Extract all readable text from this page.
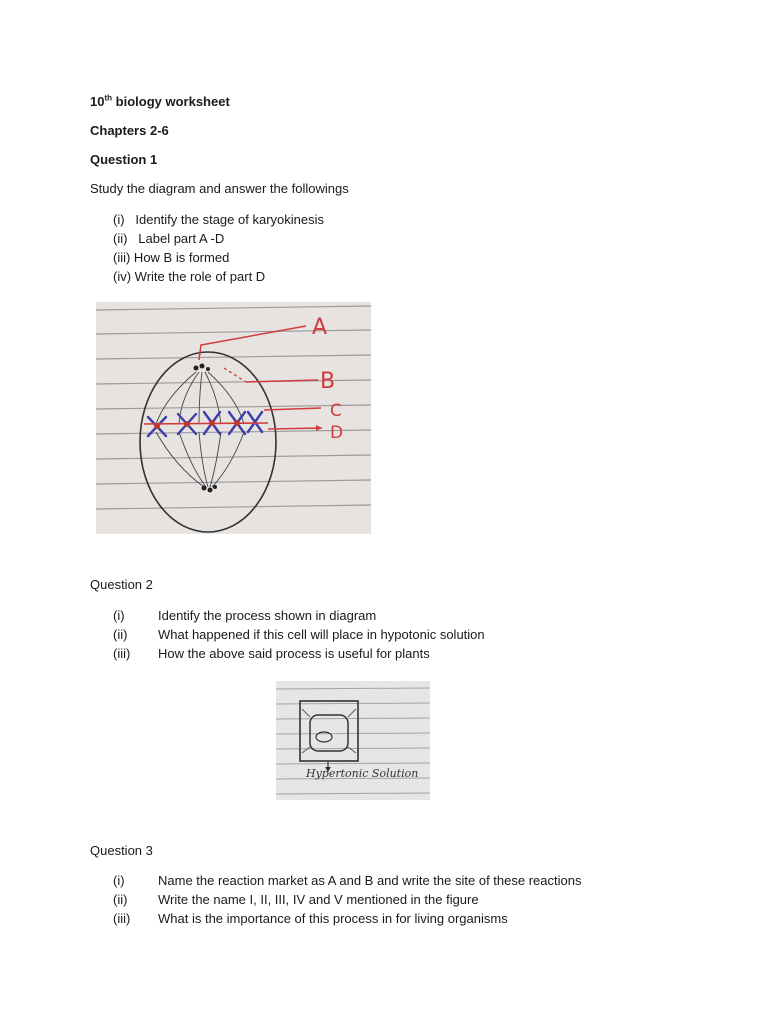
10th biology worksheet
Chapters 2-6
Question 1
Study the diagram and answer the followings
(i)   Identify the stage of karyokinesis
(ii)   Label part A -D
(iii) How B is formed
(iv) Write the role of part D
A
B
C
D
Question 2
(i)	Identify the process shown in diagram
(ii)	What happened if this cell will place in hypotonic solution
(iii)	How the above said process is useful for plants
Hypertonic Solution
Question 3
(i)	Name the reaction market as A and B and write the site of these reactions
(ii)	Write the name I, II, III, IV and V mentioned in the figure
(iii)	What is the importance of this process in for living organisms
